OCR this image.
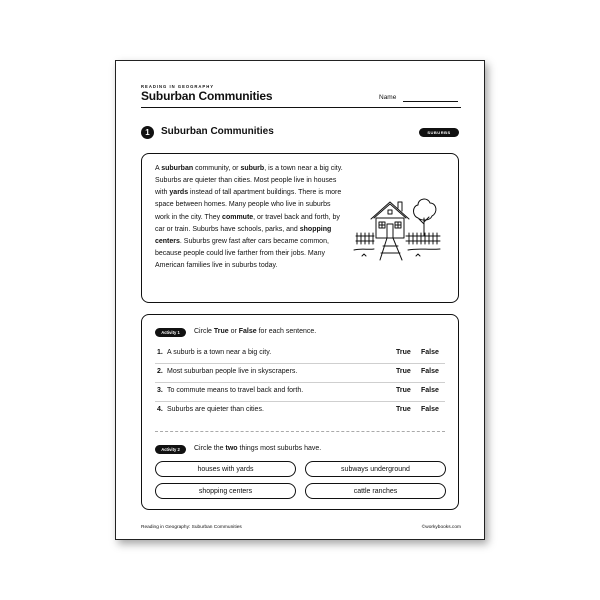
READING IN GEOGRAPHY
Suburban Communities	Name
1	Suburban Communities	SUBURBS

A suburban community, or suburb, is a town near a big city. Suburbs are quieter than cities. Most people live in houses with yards instead of tall apartment buildings. There is more space between homes. Many people who live in suburbs work in the city. They commute, or travel back and forth, by car or train. Suburbs have schools, parks, and shopping centers. Suburbs grew fast after cars became common, because people could live farther from their jobs. Many American families live in suburbs today.

Activity 1	Circle True or False for each sentence.
1. A suburb is a town near a big city.	True False
2. Most suburban people live in skyscrapers.	True False
3. To commute means to travel back and forth.	True False
4. Suburbs are quieter than cities.	True False
Activity 2	Circle the two things most suburbs have.
houses with yards	subways underground
shopping centers	cattle ranches
Reading in Geography: Suburban Communities	©workybooks.com
